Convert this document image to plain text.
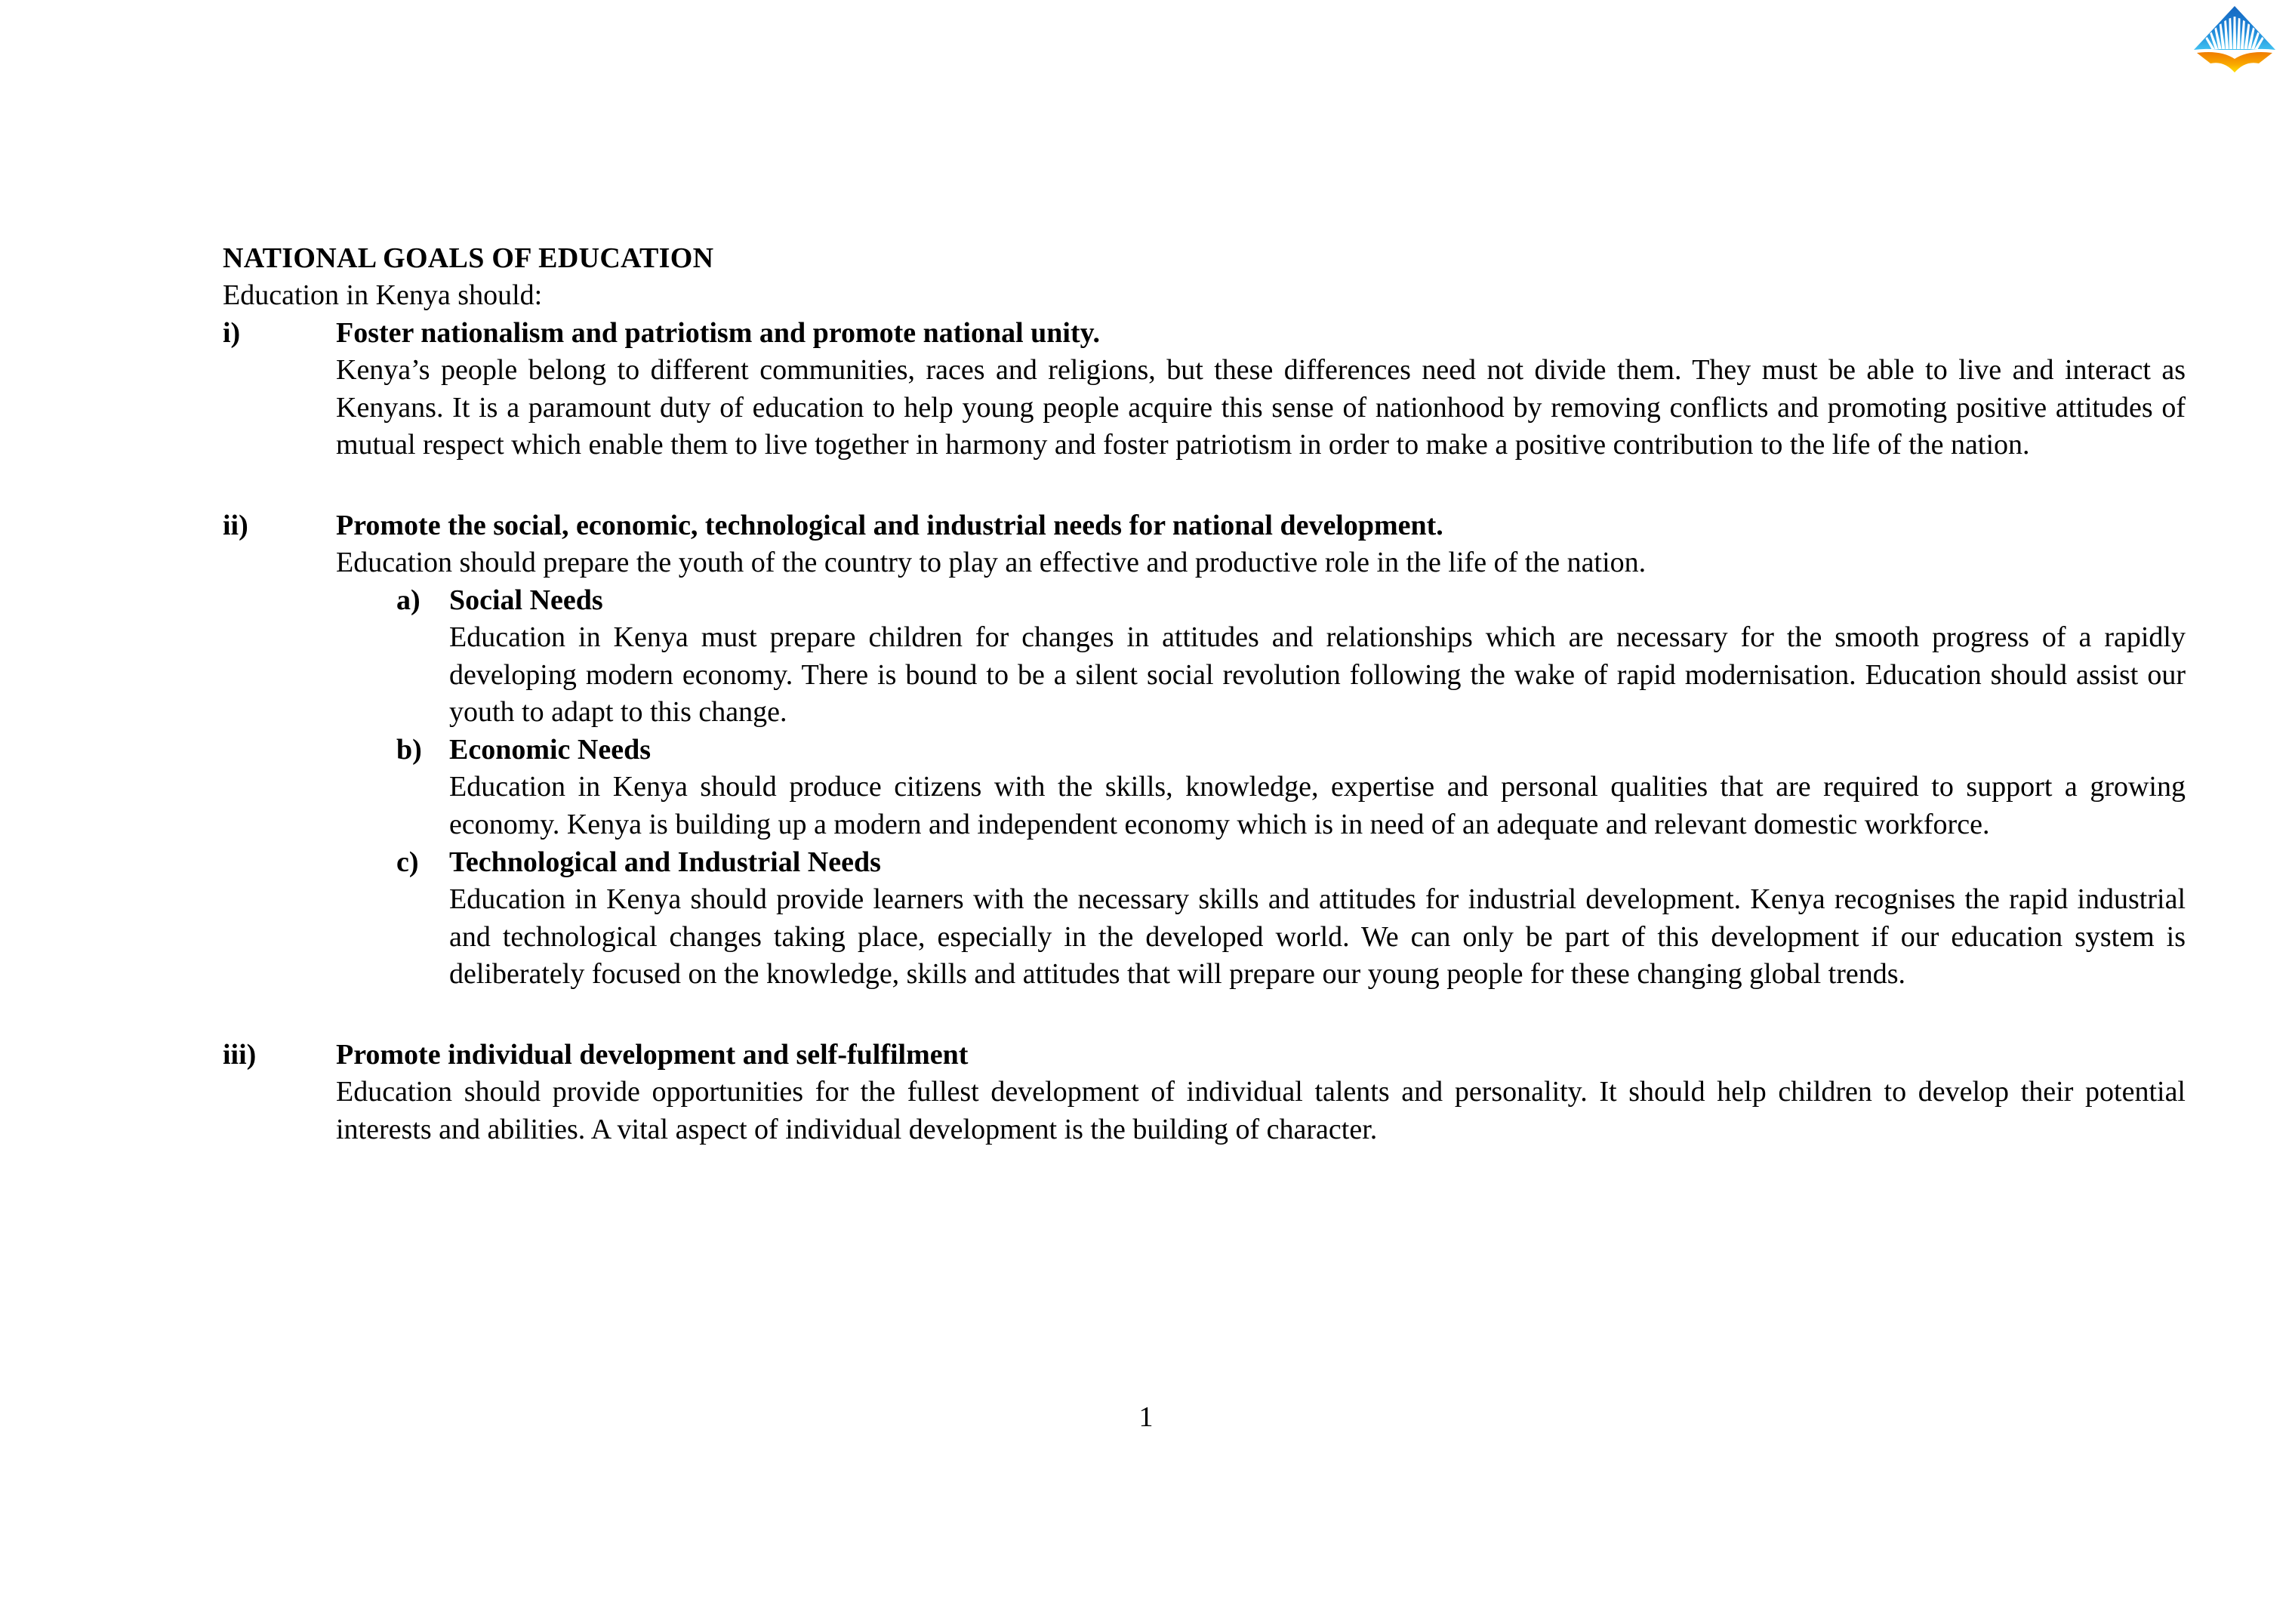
NATIONAL GOALS OF EDUCATION
Education in Kenya should:
i)	Foster nationalism and patriotism and promote national unity.
Kenya’s people belong to different communities, races and religions, but these differences need not divide them. They must be able to live and interact as Kenyans. It is a paramount duty of education to help young people acquire this sense of nationhood by removing conflicts and promoting positive attitudes of mutual respect which enable them to live together in harmony and foster patriotism in order to make a positive contribution to the life of the nation.
ii)	Promote the social, economic, technological and industrial needs for national development.
Education should prepare the youth of the country to play an effective and productive role in the life of the nation.
a)	Social Needs
Education in Kenya must prepare children for changes in attitudes and relationships which are necessary for the smooth progress of a rapidly developing modern economy. There is bound to be a silent social revolution following the wake of rapid modernisation. Education should assist our youth to adapt to this change.
b) Economic Needs
Education in Kenya should produce citizens with the skills, knowledge, expertise and personal qualities that are required to support a growing economy. Kenya is building up a modern and independent economy which is in need of an adequate and relevant domestic workforce.
c)	Technological and Industrial Needs
Education in Kenya should provide learners with the necessary skills and attitudes for industrial development. Kenya recognises the rapid industrial and technological changes taking place, especially in the developed world. We can only be part of this development if our education system is deliberately focused on the knowledge, skills and attitudes that will prepare our young people for these changing global trends.
iii)	Promote individual development and self-fulfilment
Education should provide opportunities for the fullest development of individual talents and personality. It should help children to develop their potential interests and abilities. A vital aspect of individual development is the building of character.
1
